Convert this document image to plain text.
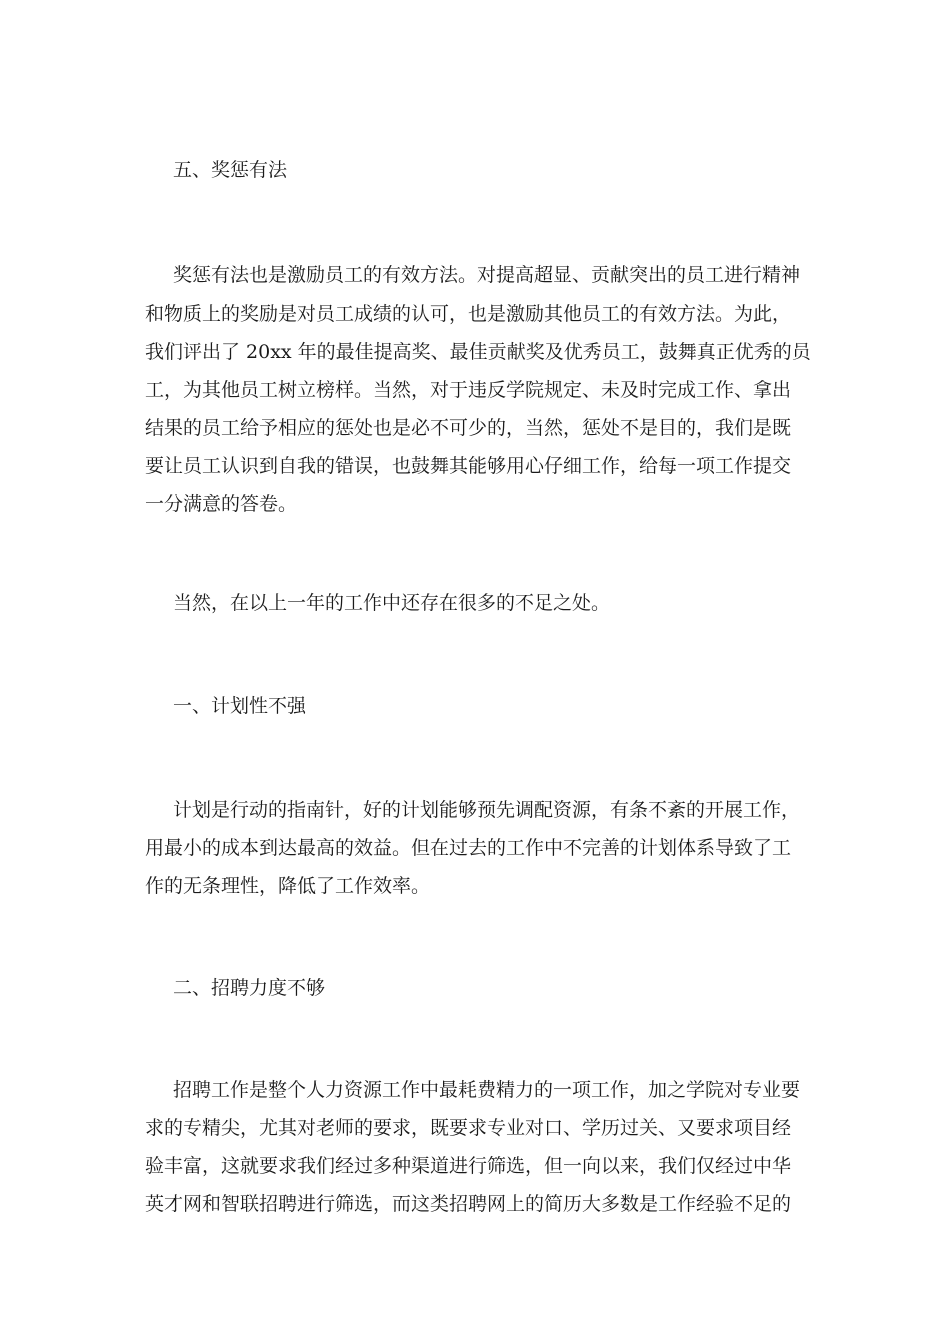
五、奖惩有法

奖惩有法也是激励员工的有效方法。对提高超显、贡献突出的员工进行精神

和物质上的奖励是对员工成绩的认可，也是激励其他员工的有效方法。为此，

我们评出了 20xx 年的最佳提高奖、最佳贡献奖及优秀员工，鼓舞真正优秀的员

工，为其他员工树立榜样。当然，对于违反学院规定、未及时完成工作、拿出

结果的员工给予相应的惩处也是必不可少的，当然，惩处不是目的，我们是既

要让员工认识到自我的错误，也鼓舞其能够用心仔细工作，给每一项工作提交

一分满意的答卷。

当然，在以上一年的工作中还存在很多的不足之处。

一、计划性不强

计划是行动的指南针，好的计划能够预先调配资源，有条不紊的开展工作，

用最小的成本到达最高的效益。但在过去的工作中不完善的计划体系导致了工

作的无条理性，降低了工作效率。

二、招聘力度不够

招聘工作是整个人力资源工作中最耗费精力的一项工作，加之学院对专业要

求的专精尖，尤其对老师的要求，既要求专业对口、学历过关、又要求项目经

验丰富，这就要求我们经过多种渠道进行筛选，但一向以来，我们仅经过中华

英才网和智联招聘进行筛选，而这类招聘网上的简历大多数是工作经验不足的
